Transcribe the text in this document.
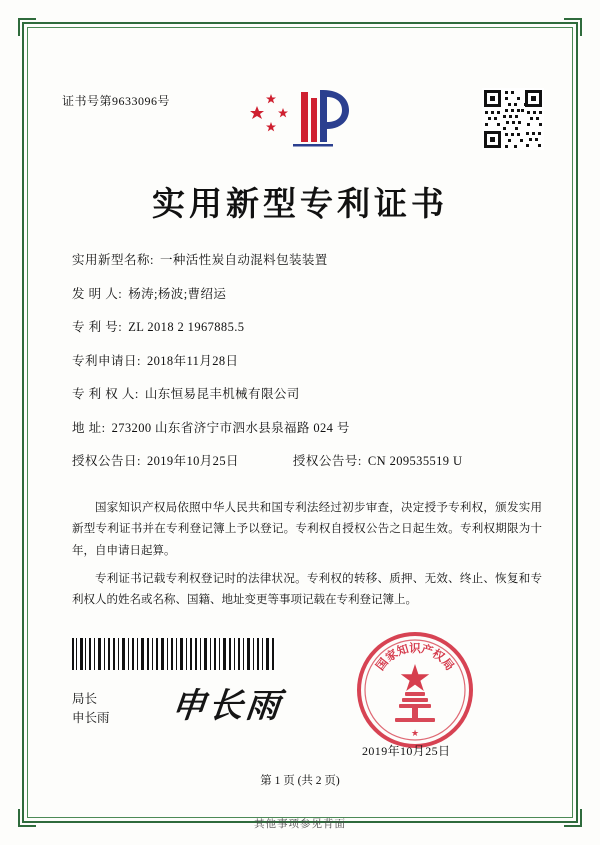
证书号第9633096号
实用新型专利证书
实用新型名称: 一种活性炭自动混料包装装置
发 明 人: 杨涛;杨波;曹绍运
专 利 号: ZL 2018 2 1967885.5
专利申请日: 2018年11月28日
专 利 权 人: 山东恒易昆丰机械有限公司
地 址: 273200 山东省济宁市泗水县泉福路 024 号
授权公告日: 2019年10月25日	授权公告号: CN 209535519 U

国家知识产权局依照中华人民共和国专利法经过初步审查，决定授予专利权，颁发实用新型专利证书并在专利登记簿上予以登记。专利权自授权公告之日起生效。专利权期限为十年，自申请日起算。

专利证书记载专利权登记时的法律状况。专利权的转移、质押、无效、终止、恢复和专利权人的姓名或名称、国籍、地址变更等事项记载在专利登记簿上。

局长
申长雨 申长雨
国
家
知
识
产
权
局
★
2019年10月25日
第 1 页 (共 2 页)
其他事项参见背面
